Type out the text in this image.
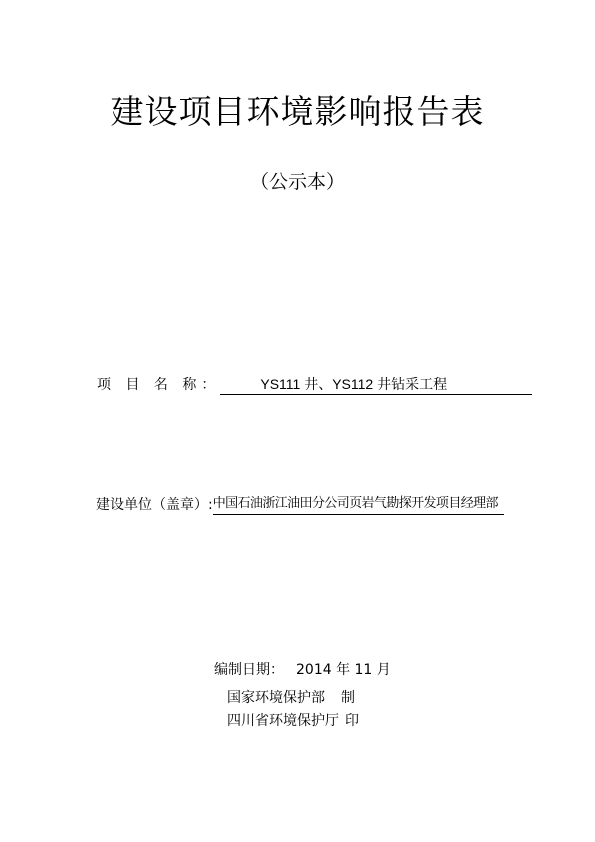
建设项目环境影响报告表
（公示本）
项 目 名 称：	YS111 井、YS112 井钻采工程
建设单位（盖章）:中国石油浙江油田分公司页岩气勘探开发项目经理部
编制日期： 2014 年 11 月
国家环境保护部 制
四川省环境保护厅 印
